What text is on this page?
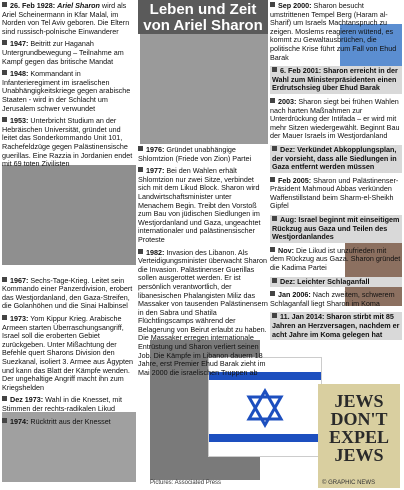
JEWS DON'T EXPEL JEWS
Leben und Zeit von Ariel Sharon
26. Feb 1928: Ariel Sharon wird als Ariel Scheinermann in Kfar Malal, im Norden von Tel Aviv geboren. Die Eltern sind russisch-polnische Einwanderer
1947: Beitritt zur Haganah Untergrundbewegung – Teilnahme am Kampf gegen das britische Mandat
1948: Kommandant in Infanterieregiment im israelischen Unabhängigkeitskriege gegen arabische Staaten - wird in der Schlacht um Jerusalem schwer verwundet
1953: Unterbricht Studium an der Hebräischen Universität, gründet und leitet das Sonderkommando Unit 101, Rachefeldzüge gegen Palästinensische guerillas. Eine Razzia in Jordanien endet mit 69 toten Zivilisten
1967: Sechs-Tage-Krieg. Leitet sein Kommando einer Panzerdivision, erobert das Westjordanland, den Gaza-Streifen, die Golanhöhen und die Sinai Halbinsel
1973: Yom Kippur Krieg. Arabische Armeen starten Überraschungsangriff, Israel soll die eroberten Gebiet zurückgeben. Unter Mißachtung der Befehle quert Sharons Division den Suezkanal, isoliert 3. Armee aus Ägypten und kann das Blatt der Kämpfe wenden. Der ungehaltige Angriff macht ihn zum Kriegshelden
Dez 1973: Wahl in die Knesset, mit Stimmen der rechts-radikalen Likud
1974: Rücktritt aus der Knesset
1976: Gründet unabhängige Shlomtzion (Friede von Zion) Partei
1977: Bei den Wahlen erhält Shlomtzion nur zwei Sitze, verbindet sich mit dem Likud Block. Sharon wird Landwirtschaftsminister unter Menachem Begin. Treibt den Vorstoß zum Bau von jüdischen Siedlungen im Westjordanland und Gaza, ungeachtet internationaler und palästinensischer Proteste
1982: Invasion des Libanon. Als Verteidigungsminister überwacht Sharon die Invasion. Palästinenser Guerillas sollen ausgerottet werden. Er ist persönlich verantwortlich, der libanesischen Phalangisten Miliz das Massaker von tausenden Palästinensern in den Sabra und Shatila Flüchtlingscamps während der Belagerung von Beirut erlaubt zu haben. Die Massaker erregen internationale Entrüstung und Sharon verliert seinen Job. Die Kämpfe im Libanon dauern 18 Jahre, erst Premier Ehud Barak zieht im Mai 2000 die israelischen Truppen ab
Sep 2000: Sharon besucht umstrittenen Tempel Berg (Haram al-Sharif) um Israels Machtanspruch zu zeigen. Moslems reagieren wütend, es kommt zu Gewaltausbrüchen, die politische Krise führt zum Fall von Ehud Barak
6. Feb 2001: Sharon erreicht in der Wahl zum Ministerpräsidenten einen Erdrutschsieg über Ehud Barak
2003: Sharon siegt bei frühen Wahlen nach harten Maßnahmen zur Unterdrückung der Intifada – er wird mit mehr Sitzen wiedergewählt. Beginnt Bau der Mauer Israels im Westjordanland
Dez: Verkündet Abkopplungsplan, der vorsieht, dass alle Siedlungen in Gaza entfernt werden müssen
Feb 2005: Sharon und Palästinenser-Präsident Mahmoud Abbas verkünden Waffenstillstand beim Sharm-el-Sheikh Gipfel
Aug: Israel beginnt mit einseitigem Rückzug aus Gaza und Teilen des Westjordanlandes
Nov: Die Likud ist unzufrieden mit dem Rückzug aus Gaza. Sharon gründet die Kadima Partei
Dez: Leichter Schlaganfall
Jan 2006: Nach zweitem, schwerem Schlaganfall liegt Sharon im Koma
11. Jan 2014: Sharon stirbt mit 85 Jahren an Herzversagen, nachdem er acht Jahre im Koma gelegen hat
Pictures: Associated Press	© GRAPHIC NEWS
